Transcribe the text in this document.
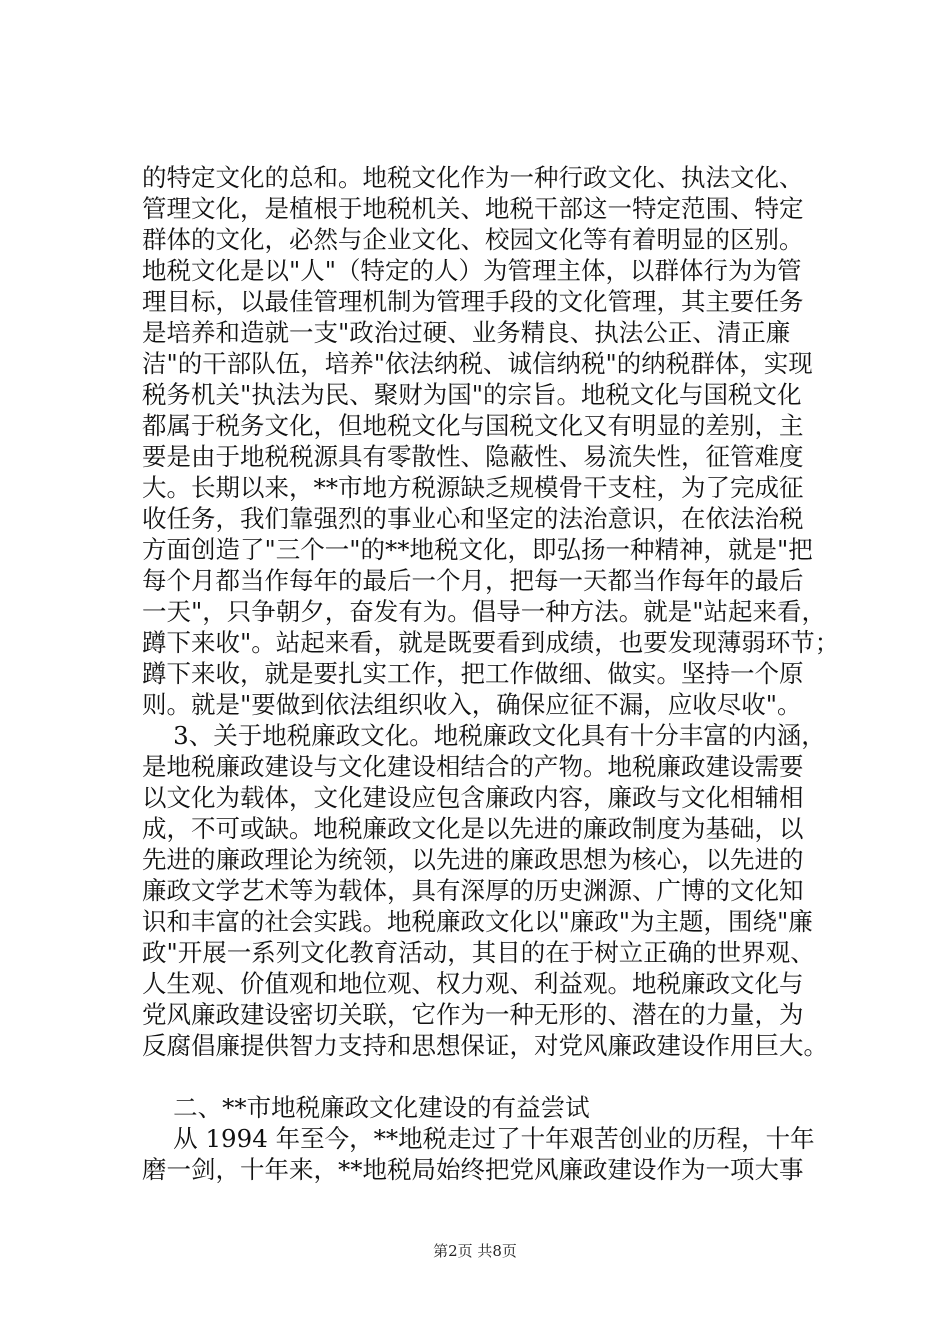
的特定文化的总和。地税文化作为一种行政文化、执法文化、
管理文化，是植根于地税机关、地税干部这一特定范围、特定
群体的文化，必然与企业文化、校园文化等有着明显的区别。
地税文化是以"人"（特定的人）为管理主体，以群体行为为管
理目标，以最佳管理机制为管理手段的文化管理，其主要任务
是培养和造就一支"政治过硬、业务精良、执法公正、清正廉
洁"的干部队伍，培养"依法纳税、诚信纳税"的纳税群体，实现
税务机关"执法为民、聚财为国"的宗旨。地税文化与国税文化
都属于税务文化，但地税文化与国税文化又有明显的差别，主
要是由于地税税源具有零散性、隐蔽性、易流失性，征管难度
大。长期以来，**市地方税源缺乏规模骨干支柱，为了完成征
收任务，我们靠强烈的事业心和坚定的法治意识，在依法治税
方面创造了"三个一"的**地税文化，即弘扬一种精神，就是"把
每个月都当作每年的最后一个月，把每一天都当作每年的最后
一天"，只争朝夕，奋发有为。倡导一种方法。就是"站起来看，
蹲下来收"。站起来看，就是既要看到成绩，也要发现薄弱环节；
蹲下来收，就是要扎实工作，把工作做细、做实。坚持一个原
则。就是"要做到依法组织收入，确保应征不漏，应收尽收"。
3、关于地税廉政文化。地税廉政文化具有十分丰富的内涵，
是地税廉政建设与文化建设相结合的产物。地税廉政建设需要
以文化为载体，文化建设应包含廉政内容，廉政与文化相辅相
成，不可或缺。地税廉政文化是以先进的廉政制度为基础，以
先进的廉政理论为统领，以先进的廉政思想为核心，以先进的
廉政文学艺术等为载体，具有深厚的历史渊源、广博的文化知
识和丰富的社会实践。地税廉政文化以"廉政"为主题，围绕"廉
政"开展一系列文化教育活动，其目的在于树立正确的世界观、
人生观、价值观和地位观、权力观、利益观。地税廉政文化与
党风廉政建设密切关联，它作为一种无形的、潜在的力量，为
反腐倡廉提供智力支持和思想保证，对党风廉政建设作用巨大。
二、**市地税廉政文化建设的有益尝试
从 1994 年至今，**地税走过了十年艰苦创业的历程，十年
磨一剑，十年来，**地税局始终把党风廉政建设作为一项大事
第2页 共8页
